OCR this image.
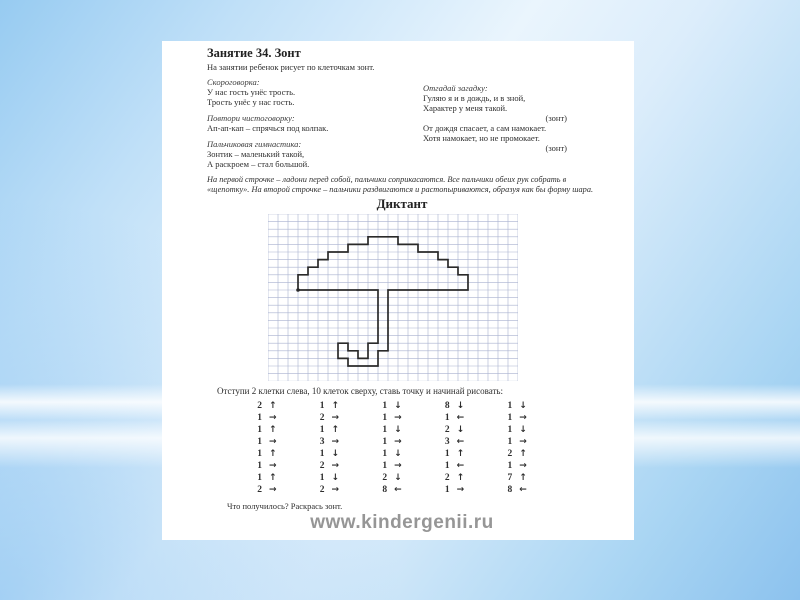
Занятие 34. Зонт
На занятии ребенок рисует по клеточкам зонт.
Скороговорка:
У нас гость унёс трость.
Трость унёс у нас гость.
Повтори чистоговорку:
Ап-ап-кап – спрячься под колпак.
Пальчиковая гимнастика:
Зонтик – маленький такой,
А раскроем – стал большой.
Отгадай загадку:
Гуляю я и в дождь, и в зной,
Характер у меня такой.
(зонт)
От дождя спасает, а сам намокает.
Хотя намокает, но не промокает.
(зонт)
На первой строчке – ладони перед собой, пальчики соприкасаются. Все пальчики обеих рук собрать в «щепотку». На второй строчке – пальчики раздвигаются и растопыриваются, образуя как бы форму шара.
Диктант
Отступи 2 клетки слева, 10 клеток сверху, ставь точку и начинай рисовать:
2 ↑
1 →
1 ↑
1 →
1 ↑
1 →
1 ↑
2 →
1 ↑
2 →
1 ↑
3 →
1 ↓
2 →
1 ↓
2 →
1 ↓
1 →
1 ↓
1 →
1 ↓
1 →
2 ↓
8 ←
8 ↓
1 ←
2 ↓
3 ←
1 ↑
1 ←
2 ↑
1 →
1 ↓
1 →
1 ↓
1 →
2 ↑
1 →
7 ↑
8 ←
Что получилось? Раскрась зонт.
www.kindergenii.ru
